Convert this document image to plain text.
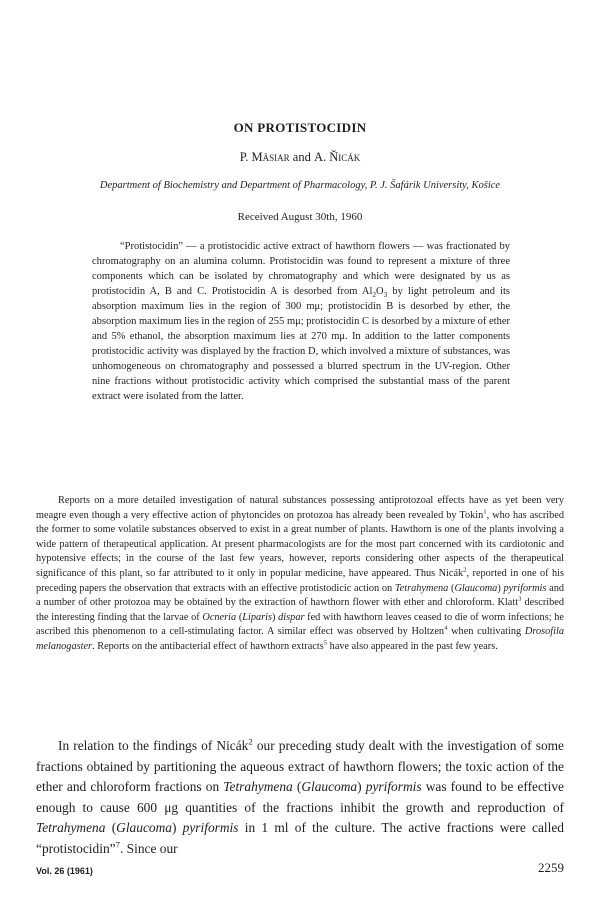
ON PROTISTOCIDIN
P. Mäsiar and A. Ňicák
Department of Biochemistry and Department of Pharmacology, P. J. Šafárik University, Košice
Received August 30th, 1960

“Protistocidin” — a protistocidic active extract of hawthorn flowers — was fractionated by chromatography on an alumina column. Protistocidin was found to represent a mixture of three components which can be isolated by chromatography and which were designated by us as protistocidin A, B and C. Protistocidin A is desorbed from $Al_2O_3$ by light petroleum and its absorption maximum lies in the region of 300 mμ; protistocidin B is desorbed by ether, the absorption maximum lies in the region of 255 mμ; protistocidin C is desorbed by a mixture of ether and 5% ethanol, the absorption maximum lies at 270 mμ. In addition to the latter components protistocidic activity was displayed by the fraction D, which involved a mixture of substances, was unhomogeneous on chromatography and possessed a blurred spectrum in the UV-region. Other nine fractions without protistocidic activity which comprised the substantial mass of the parent extract were isolated from the latter.

Reports on a more detailed investigation of natural substances possessing antiprotozoal effects have as yet been very meagre even though a very effective action of phytoncides on protozoa has already been revealed by Tokin$^1$, who has ascribed the former to some volatile substances observed to exist in a great number of plants. Hawthorn is one of the plants involving a wide pattern of therapeutical application. At present pharmacologists are for the most part concerned with its cardiotonic and hypotensive effects; in the course of the last few years, however, reports considering other aspects of the therapeutical significance of this plant, so far attributed to it only in popular medicine, have appeared. Thus Nicák$^2$, reported in one of his preceding papers the observation that extracts with an effective protistodicic action on Tetrahymena (Glaucoma) pyriformis and a number of other protozoa may be obtained by the extraction of hawthorn flower with ether and chloroform. Klatt$^3$ described the interesting finding that the larvae of Ocneria (Liparis) dispar fed with hawthorn leaves ceased to die of worm infections; he ascribed this phenomenon to a cell-stimulating factor. A similar effect was observed by Holtzen$^4$ when cultivating Drosofila melanogaster. Reports on the antibacterial effect of hawthorn extracts$^5$ have also appeared in the past few years.

In relation to the findings of Nicák$^2$ our preceding study dealt with the investigation of some fractions obtained by partitioning the aqueous extract of hawthorn flowers; the toxic action of the ether and chloroform fractions on Tetrahymena (Glaucoma) pyriformis was found to be effective enough to cause 600 μg quantities of the fractions inhibit the growth and reproduction of Tetrahymena (Glaucoma) pyriformis in 1 ml of the culture. The active fractions were called “protistocidin”$^7$. Since our

Vol. 26 (1961)	2259
